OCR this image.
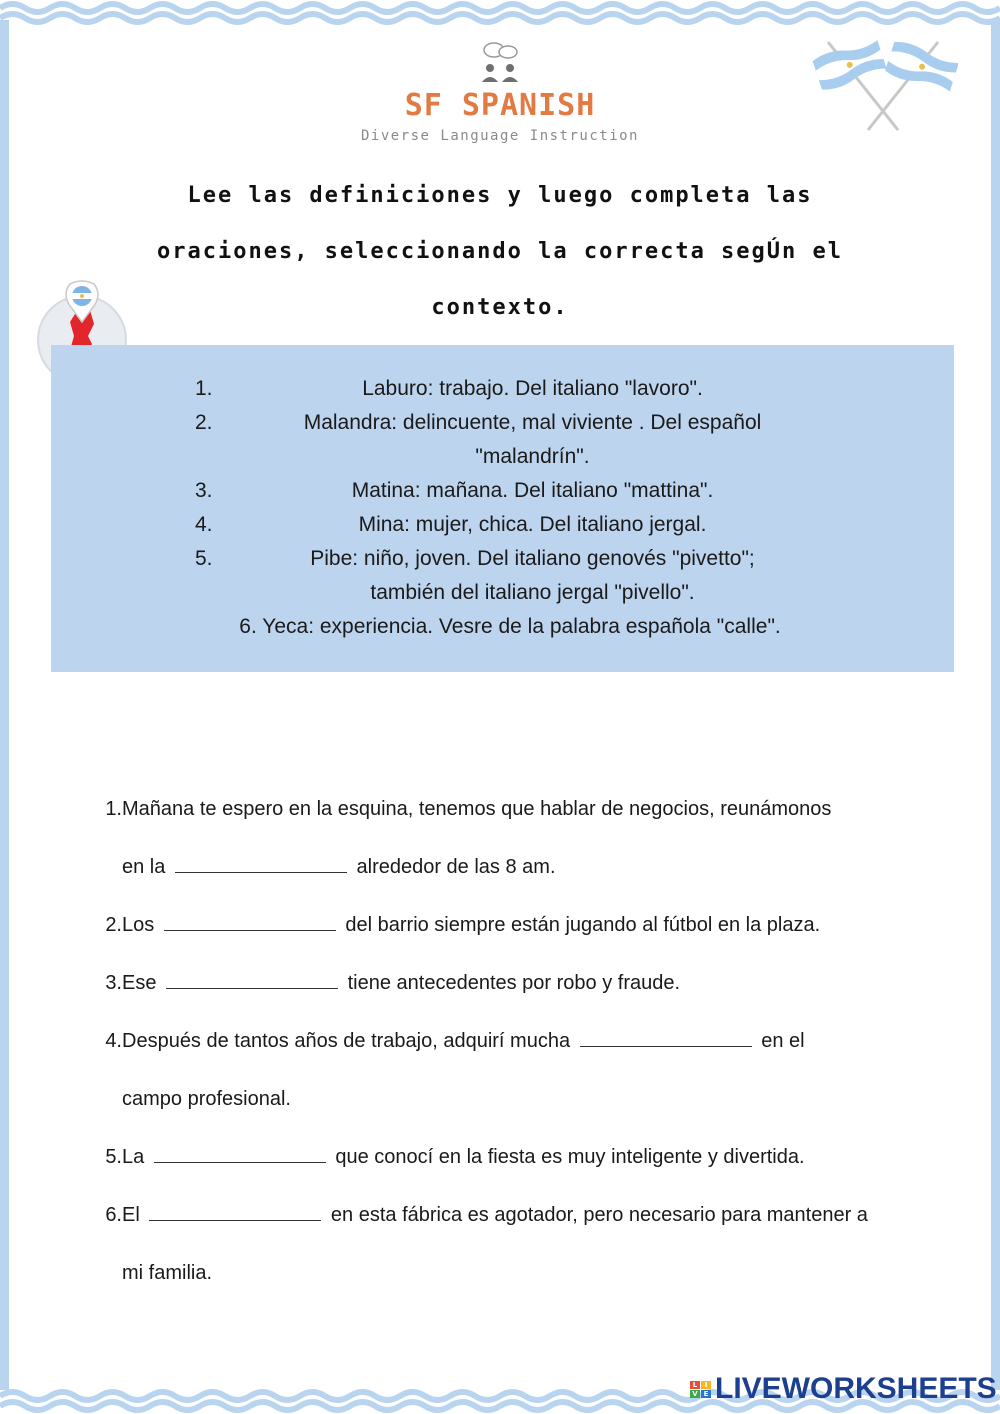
SF SPANISH
Diverse Language Instruction
Lee las definiciones y luego completa las
oraciones, seleccionando la correcta segÚn el
contexto.
1.	Laburo: trabajo. Del italiano "lavoro".
2.	Malandra: delincuente, mal viviente . Del español
"malandrín".
3.	Matina: mañana. Del italiano "mattina".
4.	Mina: mujer, chica. Del italiano jergal.
5.	Pibe: niño, joven. Del italiano genovés "pivetto";
también del italiano jergal "pivello".
6. Yeca: experiencia. Vesre de la palabra española "calle".
1. Mañana te espero en la esquina, tenemos que hablar de negocios, reunámonos
en la	alrededor de las 8 am.
2. Los	del barrio siempre están jugando al fútbol en la plaza.
3. Ese	tiene antecedentes por robo y fraude.
4. Después de tantos años de trabajo, adquirí mucha	en el
campo profesional.
5. La	que conocí en la fiesta es muy inteligente y divertida.
6. El	en esta fábrica es agotador, pero necesario para mantener a
mi familia.
L	I
V E LIVEWORKSHEETS
